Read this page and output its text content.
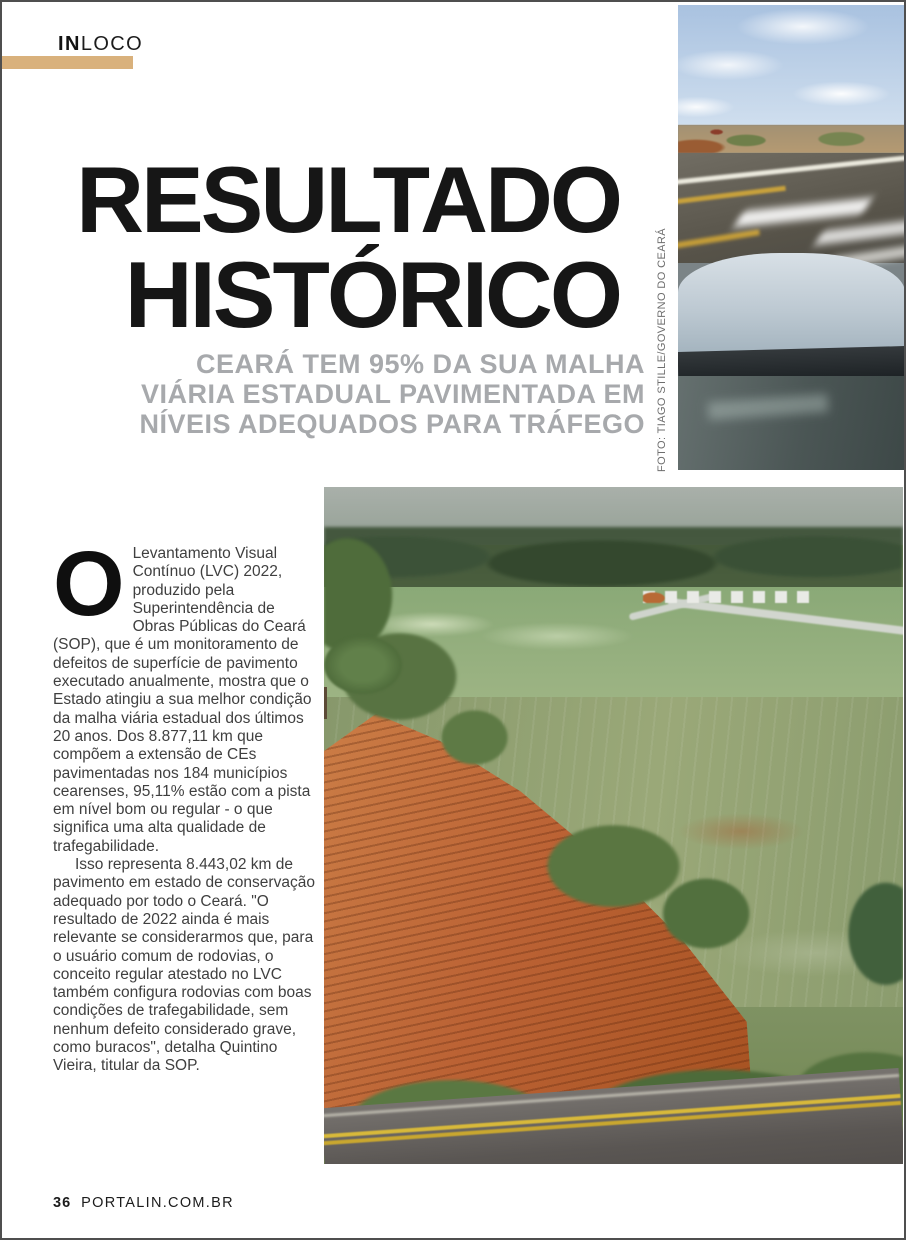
INLOCO
RESULTADO
HISTÓRICO
CEARÁ TEM 95% DA SUA MALHA
VIÁRIA ESTADUAL PAVIMENTADA EM
NÍVEIS ADEQUADOS PARA TRÁFEGO FOTO: TIAGO STILLE/GOVERNO DO CEARÁ

O Levantamento Visual Contínuo (LVC) 2022, produzido pela Superintendência de Obras Públicas do Ceará (SOP), que é um monitoramento de defeitos de superfície de pavimento executado anualmente, mostra que o Estado atingiu a sua melhor condição da malha viária estadual dos últimos 20 anos. Dos 8.877,11 km que compõem a extensão de CEs pavimentadas nos 184 municípios cearenses, 95,11% estão com a pista em nível bom ou regular - o que significa uma alta qualidade de trafegabilidade.

Isso representa 8.443,02 km de pavimento em estado de conservação adequado por todo o Ceará. "O resultado de 2022 ainda é mais relevante se considerarmos que, para o usuário comum de rodovias, o conceito regular atestado no LVC também configura rodovias com boas condições de trafegabilidade, sem nenhum defeito considerado grave, como buracos", detalha Quintino Vieira, titular da SOP.

36 PORTALIN.COM.BR
